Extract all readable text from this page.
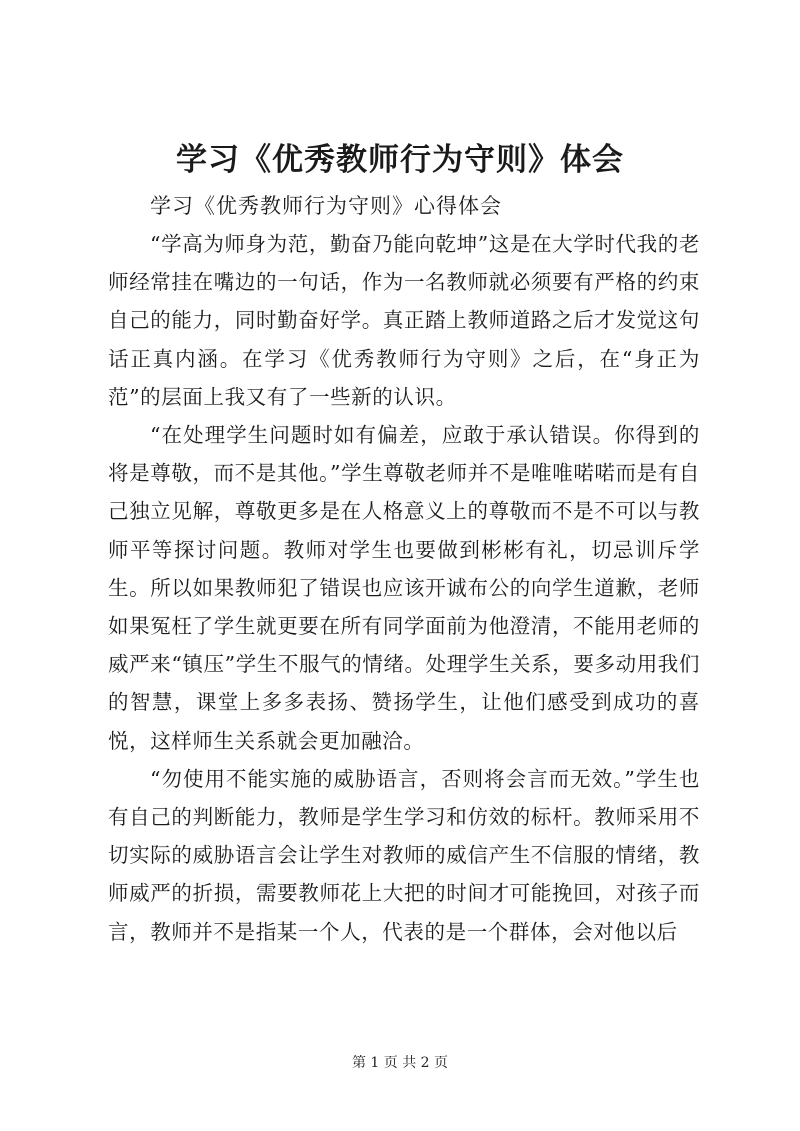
学习《优秀教师行为守则》体会
学习《优秀教师行为守则》心得体会

“学高为师身为范，勤奋乃能向乾坤”这是在大学时代我的老师经常挂在嘴边的一句话，作为一名教师就必须要有严格的约束自己的能力，同时勤奋好学。真正踏上教师道路之后才发觉这句话正真内涵。在学习《优秀教师行为守则》之后，在“身正为范”的层面上我又有了一些新的认识。

“在处理学生问题时如有偏差，应敢于承认错误。你得到的将是尊敬，而不是其他。”学生尊敬老师并不是唯唯喏喏而是有自己独立见解，尊敬更多是在人格意义上的尊敬而不是不可以与教师平等探讨问题。教师对学生也要做到彬彬有礼，切忌训斥学生。所以如果教师犯了错误也应该开诚布公的向学生道歉，老师如果冤枉了学生就更要在所有同学面前为他澄清，不能用老师的威严来“镇压”学生不服气的情绪。处理学生关系，要多动用我们的智慧，课堂上多多表扬、赞扬学生，让他们感受到成功的喜悦，这样师生关系就会更加融洽。

“勿使用不能实施的威胁语言，否则将会言而无效。”学生也有自己的判断能力，教师是学生学习和仿效的标杆。教师采用不切实际的威胁语言会让学生对教师的威信产生不信服的情绪，教师威严的折损，需要教师花上大把的时间才可能挽回，对孩子而言，教师并不是指某一个人，代表的是一个群体，会对他以后

第 1 页 共 2 页
